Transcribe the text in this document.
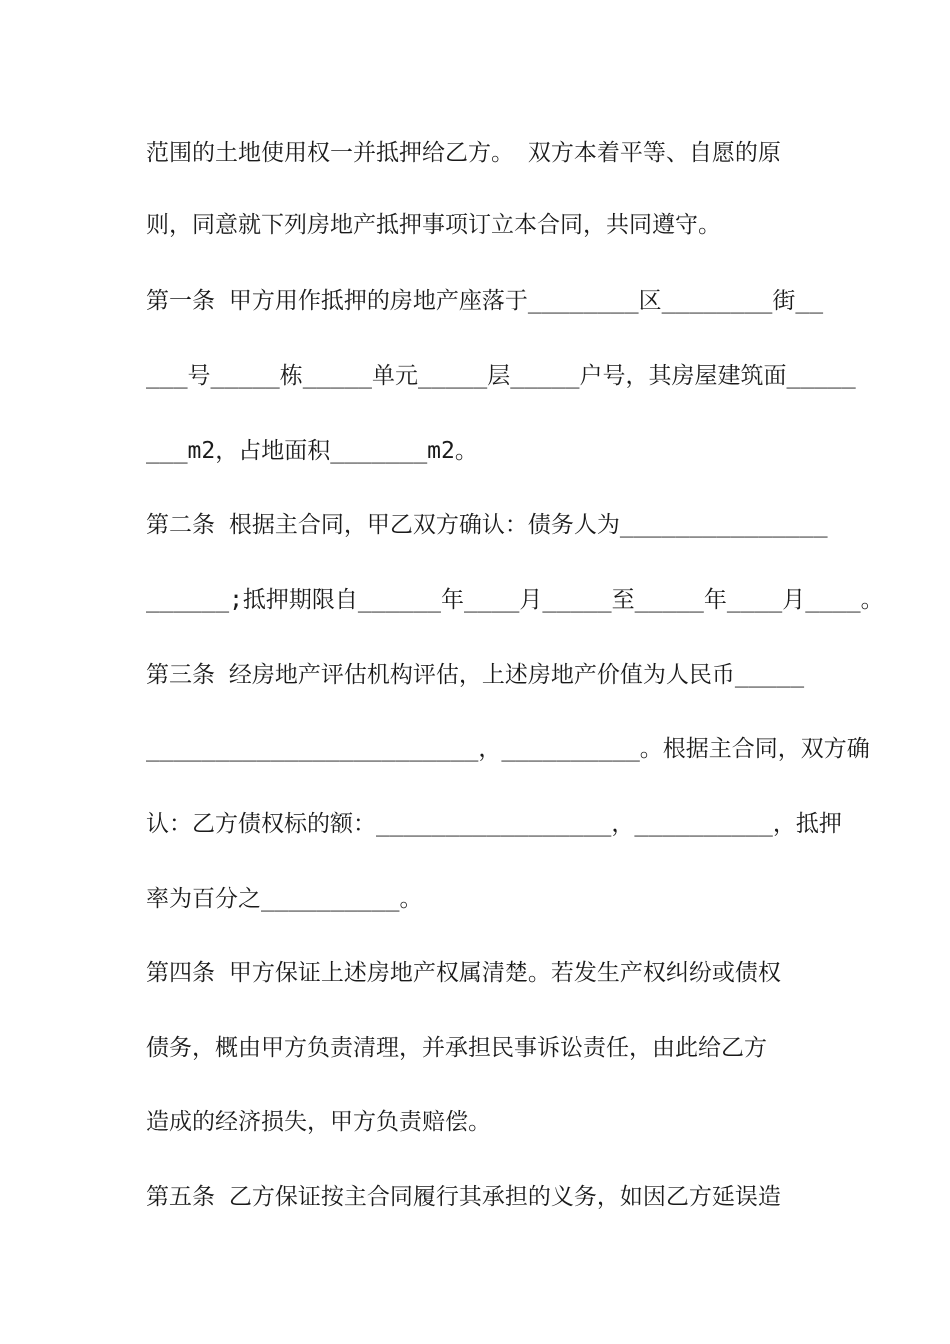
范围的土地使用权一并抵押给乙方。 双方本着平等、自愿的原
则，同意就下列房地产抵押事项订立本合同，共同遵守。
第一条 甲方用作抵押的房地产座落于________区________街__
___号_____栋_____单元_____层_____户号，其房屋建筑面_____
___m2，占地面积_______m2。
第二条 根据主合同，甲乙双方确认：债务人为_______________
______;抵押期限自______年____月_____至_____年____月____。
第三条 经房地产评估机构评估，上述房地产价值为人民币_____
________________________，__________。根据主合同，双方确
认：乙方债权标的额：_________________，__________，抵押
率为百分之__________。
第四条 甲方保证上述房地产权属清楚。若发生产权纠纷或债权
债务，概由甲方负责清理，并承担民事诉讼责任，由此给乙方
造成的经济损失，甲方负责赔偿。
第五条 乙方保证按主合同履行其承担的义务，如因乙方延误造
